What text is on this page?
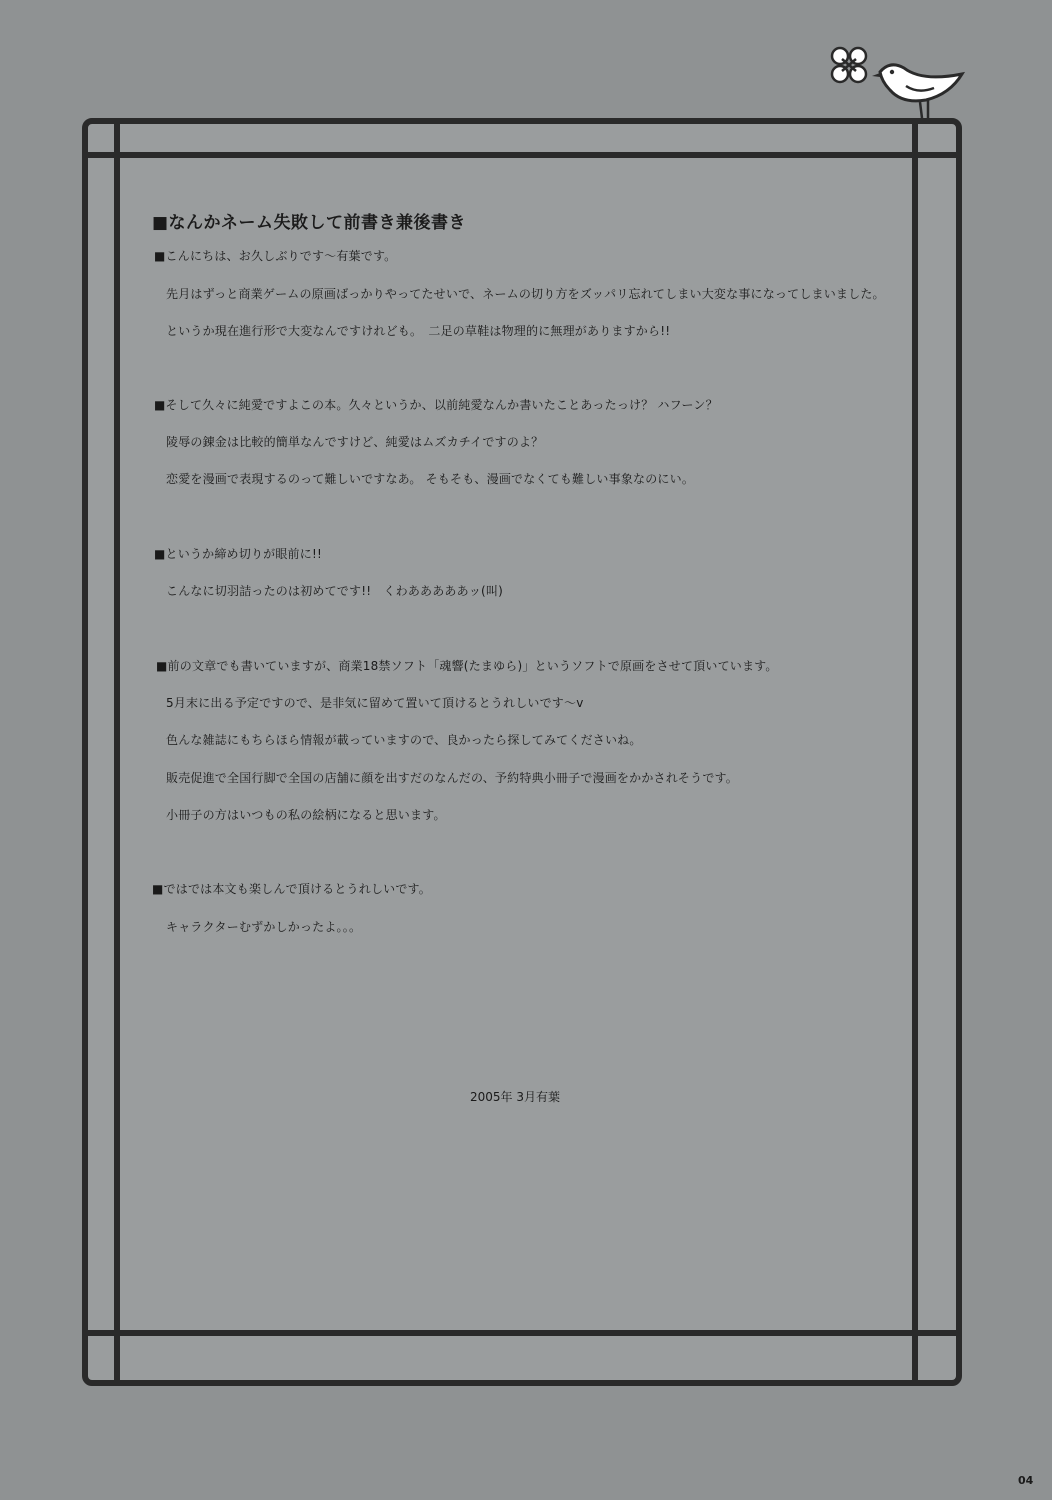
■なんかネーム失敗して前書き兼後書き
■こんにちは、お久しぶりです〜有葉です。
先月はずっと商業ゲームの原画ばっかりやってたせいで、ネームの切り方をズッパリ忘れてしまい大変な事になってしまいました。
というか現在進行形で大変なんですけれども。　二足の草鞋は物理的に無理がありますから!!
■そして久々に純愛ですよこの本。久々というか、以前純愛なんか書いたことあったっけ？ ハフーン？
陵辱の錬金は比較的簡単なんですけど、純愛はムズカチイですのよ？
恋愛を漫画で表現するのって難しいですなあ。 そもそも、漫画でなくても難しい事象なのにい。
■というか締め切りが眼前に!!
こんなに切羽詰ったのは初めてです!!　くわあああああッ(叫)
■前の文章でも書いていますが、商業18禁ソフト「魂響(たまゆら)」というソフトで原画をさせて頂いています。
5月末に出る予定ですので、是非気に留めて置いて頂けるとうれしいです〜v
色んな雑誌にもちらほら情報が載っていますので、良かったら探してみてくださいね。
販売促進で全国行脚で全国の店舗に顔を出すだのなんだの、予約特典小冊子で漫画をかかされそうです。
小冊子の方はいつもの私の絵柄になると思います。
■ではでは本文も楽しんで頂けるとうれしいです。
キャラクターむずかしかったよ。。。
2005年 3月有葉
04
